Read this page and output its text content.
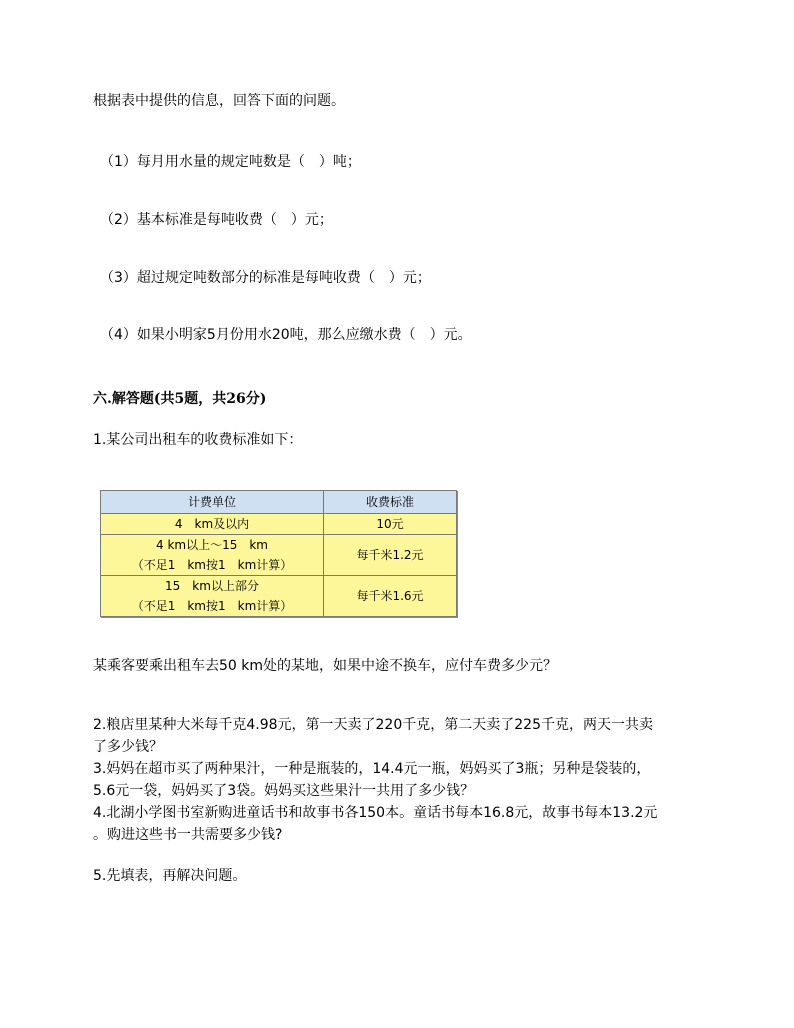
根据表中提供的信息，回答下面的问题。
（1）每月用水量的规定吨数是（　）吨；
（2）基本标准是每吨收费（　）元；
（3）超过规定吨数部分的标准是每吨收费（　）元；
（4）如果小明家5月份用水20吨，那么应缴水费（　）元。
六.解答题(共5题，共26分)
1.某公司出租车的收费标准如下：
计费单位	收费标准

4　km及以内	10元

4 km以上～15　km
（不足1　km按1　km计算）	每千米1.2元

15　km以上部分
（不足1　km按1　km计算）	每千米1.6元
某乘客要乘出租车去50 km处的某地，如果中途不换车，应付车费多少元？
2.粮店里某种大米每千克4.98元，第一天卖了220千克，第二天卖了225千克，两天一共卖
了多少钱？
3.妈妈在超市买了两种果汁，一种是瓶装的，14.4元一瓶，妈妈买了3瓶；另种是袋装的，
5.6元一袋，妈妈买了3袋。妈妈买这些果汁一共用了多少钱？
4.北湖小学图书室新购进童话书和故事书各150本。童话书每本16.8元，故事书每本13.2元
。购进这些书一共需要多少钱?
5.先填表，再解决问题。
